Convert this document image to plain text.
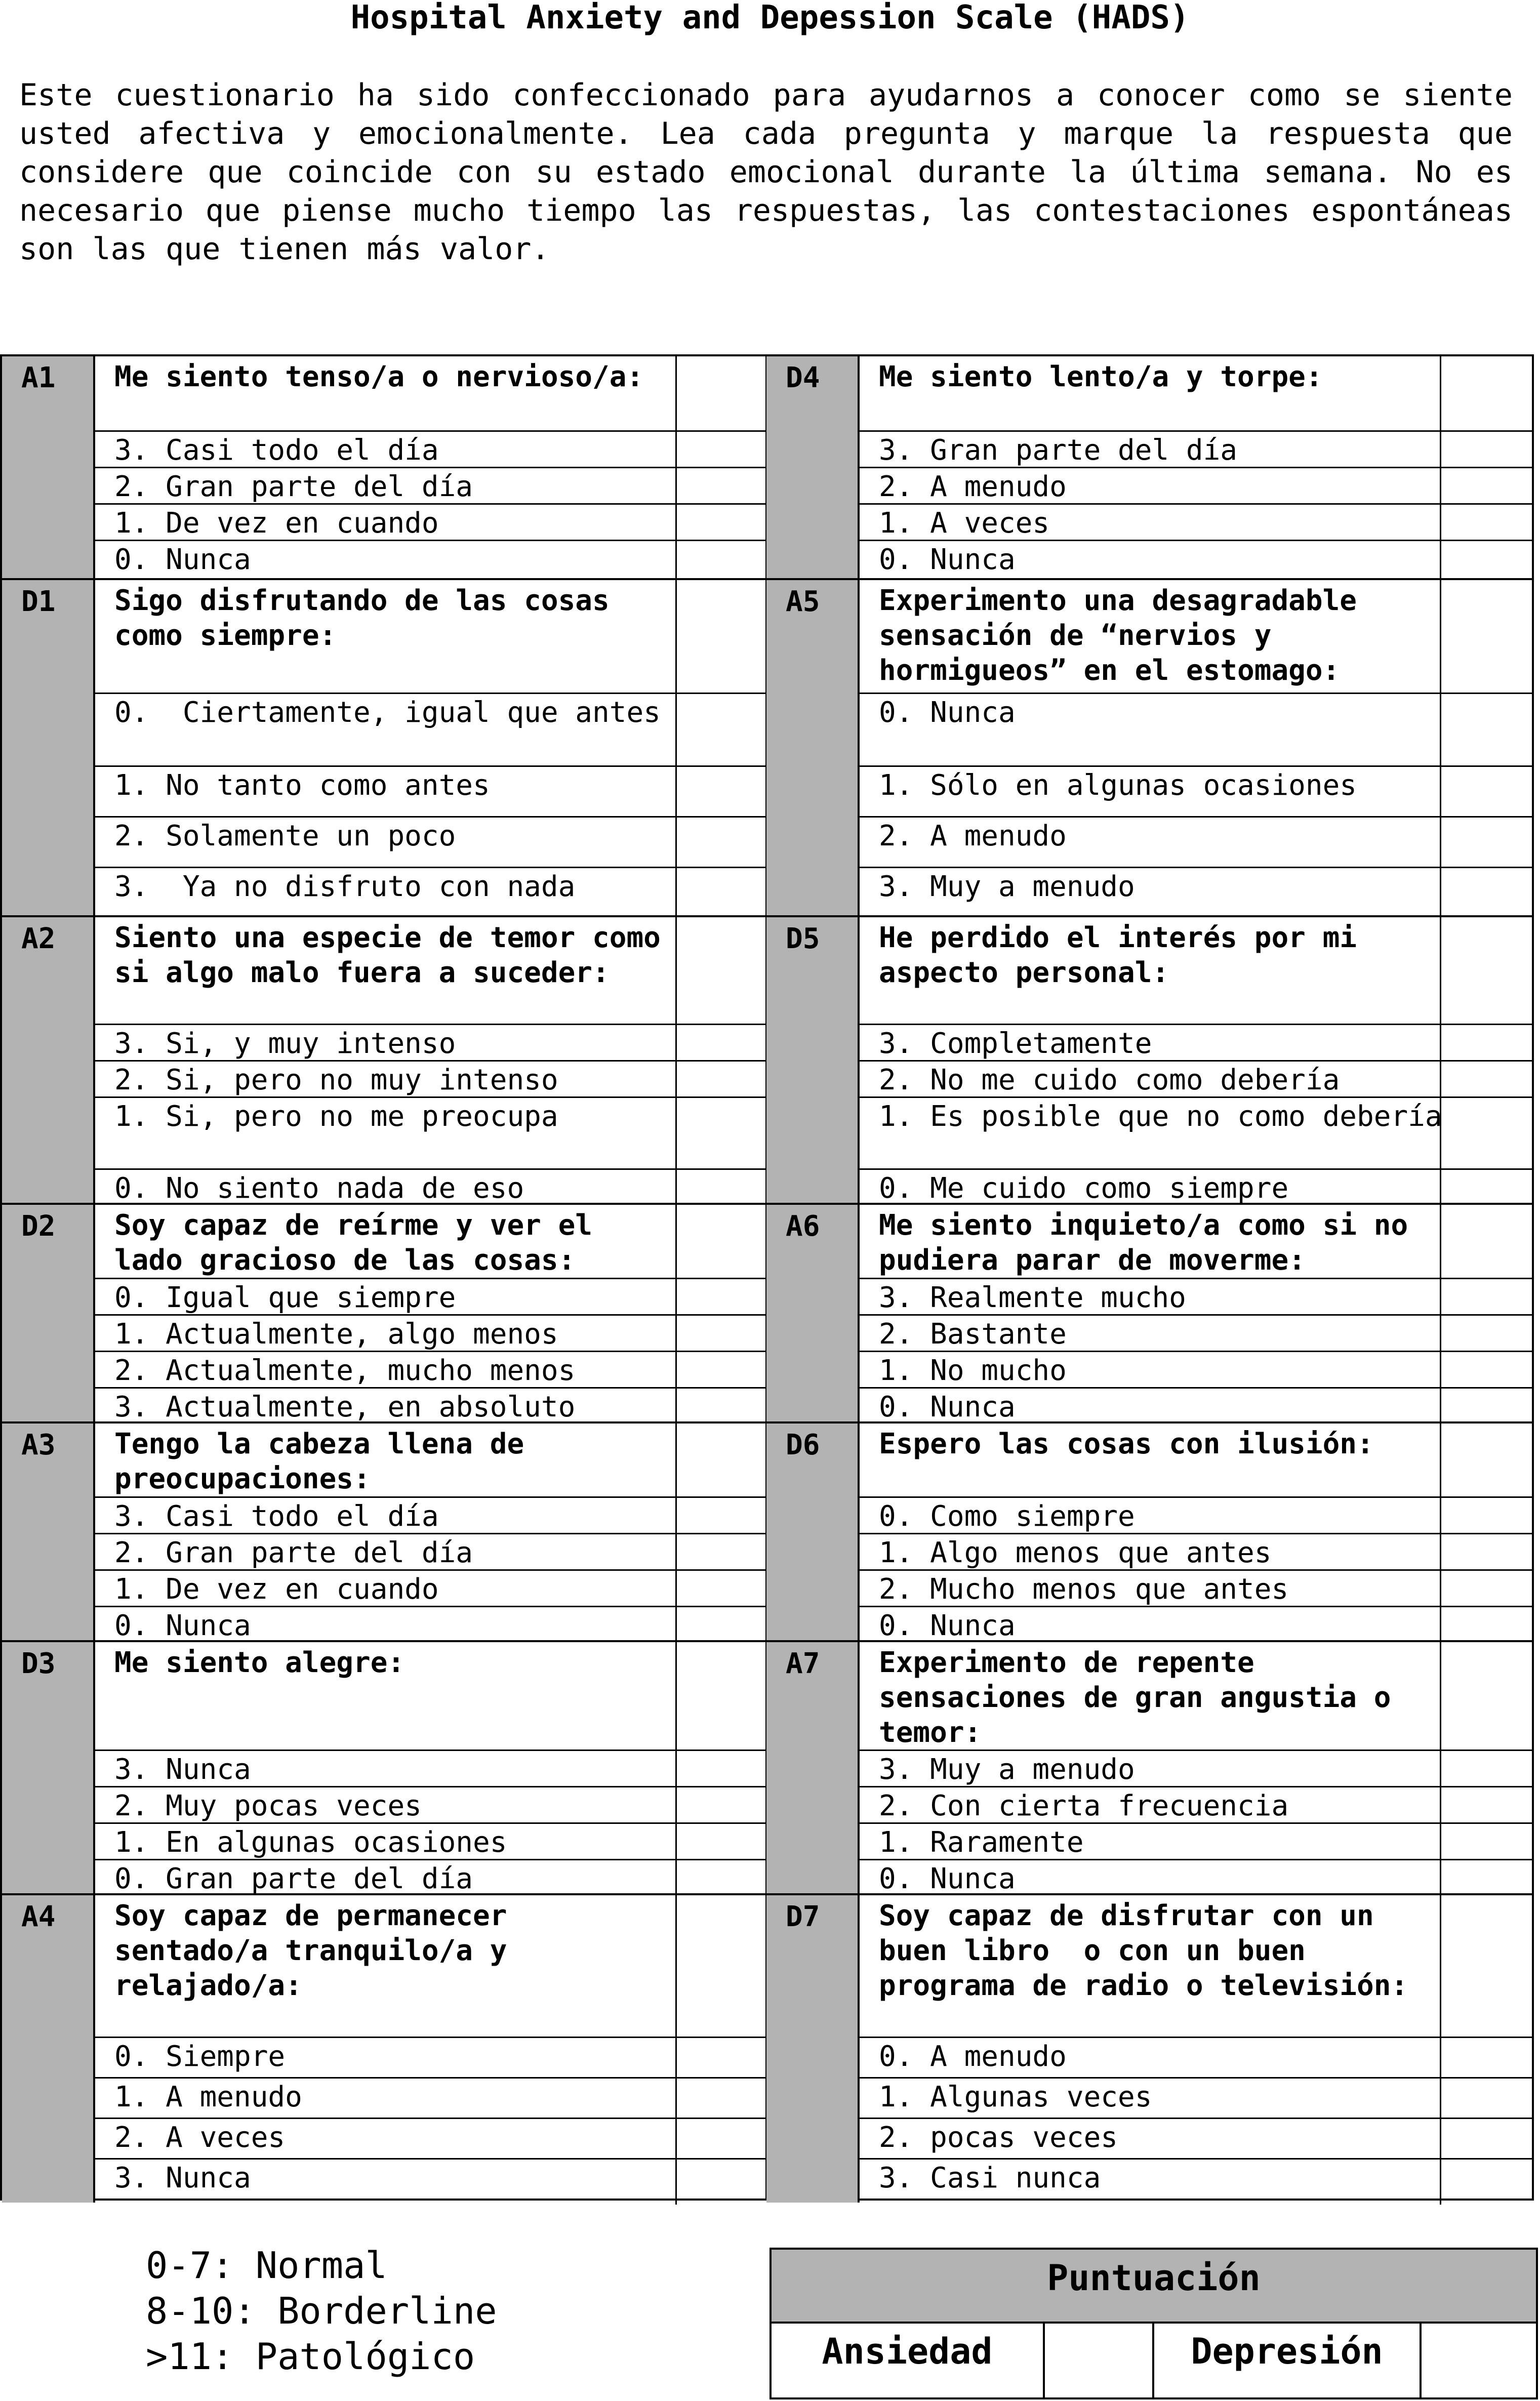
Hospital Anxiety and Depession Scale (HADS)
Este cuestionario ha sido confeccionado para ayudarnos a conocer como se siente usted afectiva y emocionalmente. Lea cada pregunta y marque la respuesta que considere que coincide con su estado emocional durante la última semana. No es necesario que piense mucho tiempo las respuestas, las contestaciones espontáneas son las que tienen más valor.
A1	Me siento tenso/a o nervioso/a:
3. Casi todo el día
2. Gran parte del día
1. De vez en cuando
0. Nunca
D1	Sigo disfrutando de las cosas como siempre:
0.  Ciertamente, igual que antes
1. No tanto como antes
2. Solamente un poco
3.  Ya no disfruto con nada
A2	Siento una especie de temor como si algo malo fuera a suceder:
3. Si, y muy intenso
2. Si, pero no muy intenso
1. Si, pero no me preocupa
0. No siento nada de eso
D2	Soy capaz de reírme y ver el lado gracioso de las cosas:
0. Igual que siempre
1. Actualmente, algo menos
2. Actualmente, mucho menos
3. Actualmente, en absoluto
A3	Tengo la cabeza llena de preocupaciones:
3. Casi todo el día
2. Gran parte del día
1. De vez en cuando
0. Nunca
D3	Me siento alegre:
3. Nunca
2. Muy pocas veces
1. En algunas ocasiones
0. Gran parte del día
A4	Soy capaz de permanecer sentado/a tranquilo/a y relajado/a:
0. Siempre
1. A menudo
2. A veces
3. Nunca
D4	Me siento lento/a y torpe:
3. Gran parte del día
2. A menudo
1. A veces
0. Nunca
A5	Experimento una desagradable sensación de “nervios y hormigueos” en el estomago:
0. Nunca
1. Sólo en algunas ocasiones
2. A menudo
3. Muy a menudo
D5	He perdido el interés por mi aspecto personal:
3. Completamente
2. No me cuido como debería
1. Es posible que no como debería
0. Me cuido como siempre
A6	Me siento inquieto/a como si no pudiera parar de moverme:
3. Realmente mucho
2. Bastante
1. No mucho
0. Nunca
D6	Espero las cosas con ilusión:
0. Como siempre
1. Algo menos que antes
2. Mucho menos que antes
0. Nunca
A7	Experimento de repente sensaciones de gran angustia o temor:
3. Muy a menudo
2. Con cierta frecuencia
1. Raramente
0. Nunca
D7	Soy capaz de disfrutar con un buen libro  o con un buen programa de radio o televisión:
0. A menudo
1. Algunas veces
2. pocas veces
3. Casi nunca
0-7: Normal
8-10: Borderline
>11: Patológico
Puntuación
Ansiedad	Depresión
